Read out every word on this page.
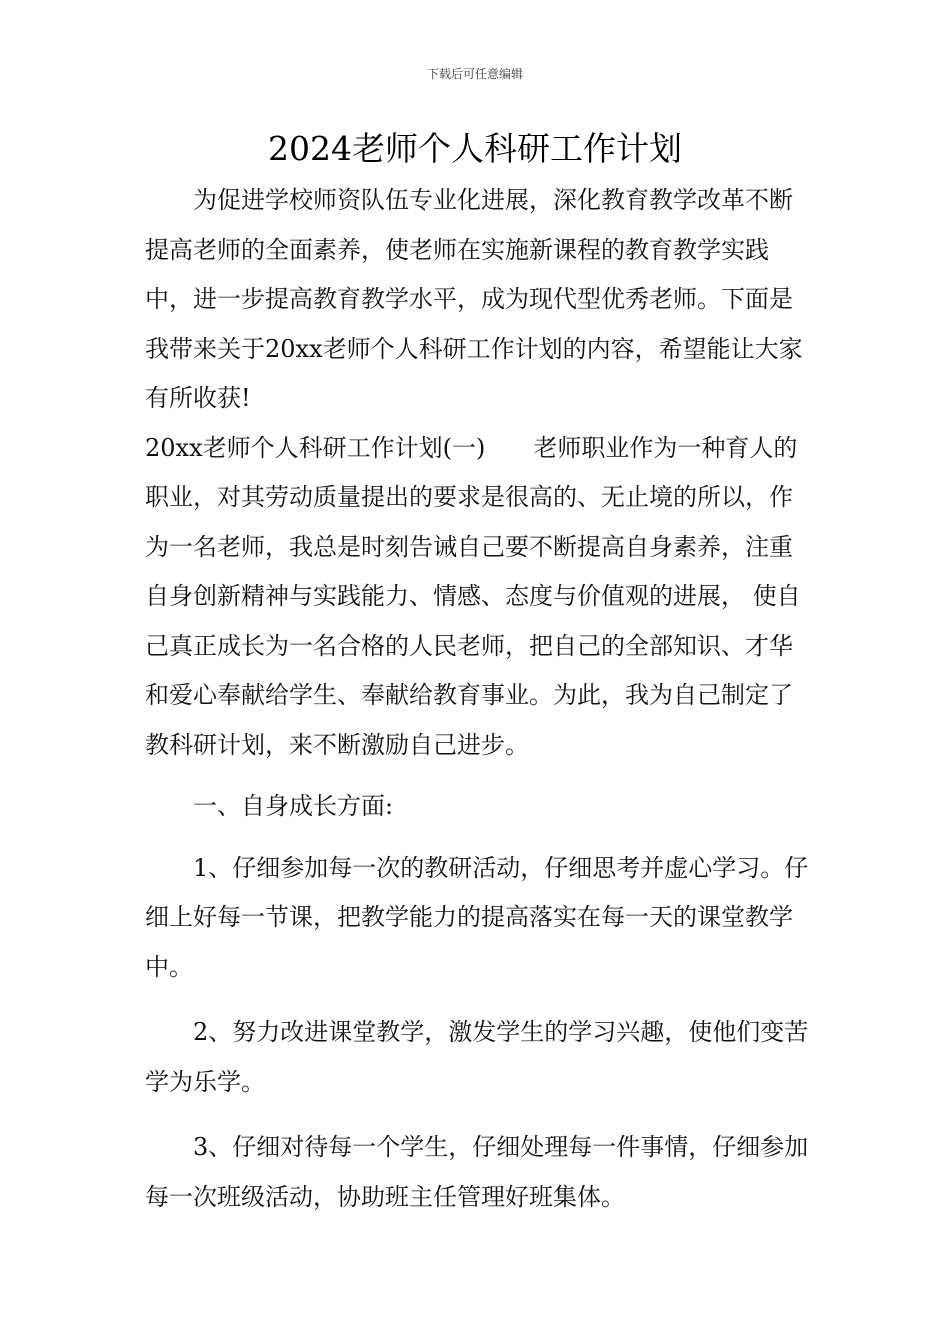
下载后可任意编辑
2024老师个人科研工作计划

为促进学校师资队伍专业化进展，深化教育教学改革不断提高老师的全面素养，使老师在实施新课程的教育教学实践中，进一步提高教育教学水平，成为现代型优秀老师。下面是我带来关于20xx老师个人科研工作计划的内容，希望能让大家有所收获!

20xx老师个人科研工作计划(一) 老师职业作为一种育人的职业，对其劳动质量提出的要求是很高的、无止境的所以，作为一名老师，我总是时刻告诫自己要不断提高自身素养，注重自身创新精神与实践能力、情感、态度与价值观的进展， 使自己真正成长为一名合格的人民老师，把自己的全部知识、才华和爱心奉献给学生、奉献给教育事业。为此，我为自己制定了教科研计划，来不断激励自己进步。

一、自身成长方面:

1、仔细参加每一次的教研活动，仔细思考并虚心学习。仔细上好每一节课，把教学能力的提高落实在每一天的课堂教学中。

2、努力改进课堂教学，激发学生的学习兴趣，使他们变苦学为乐学。

3、仔细对待每一个学生，仔细处理每一件事情，仔细参加每一次班级活动，协助班主任管理好班集体。
